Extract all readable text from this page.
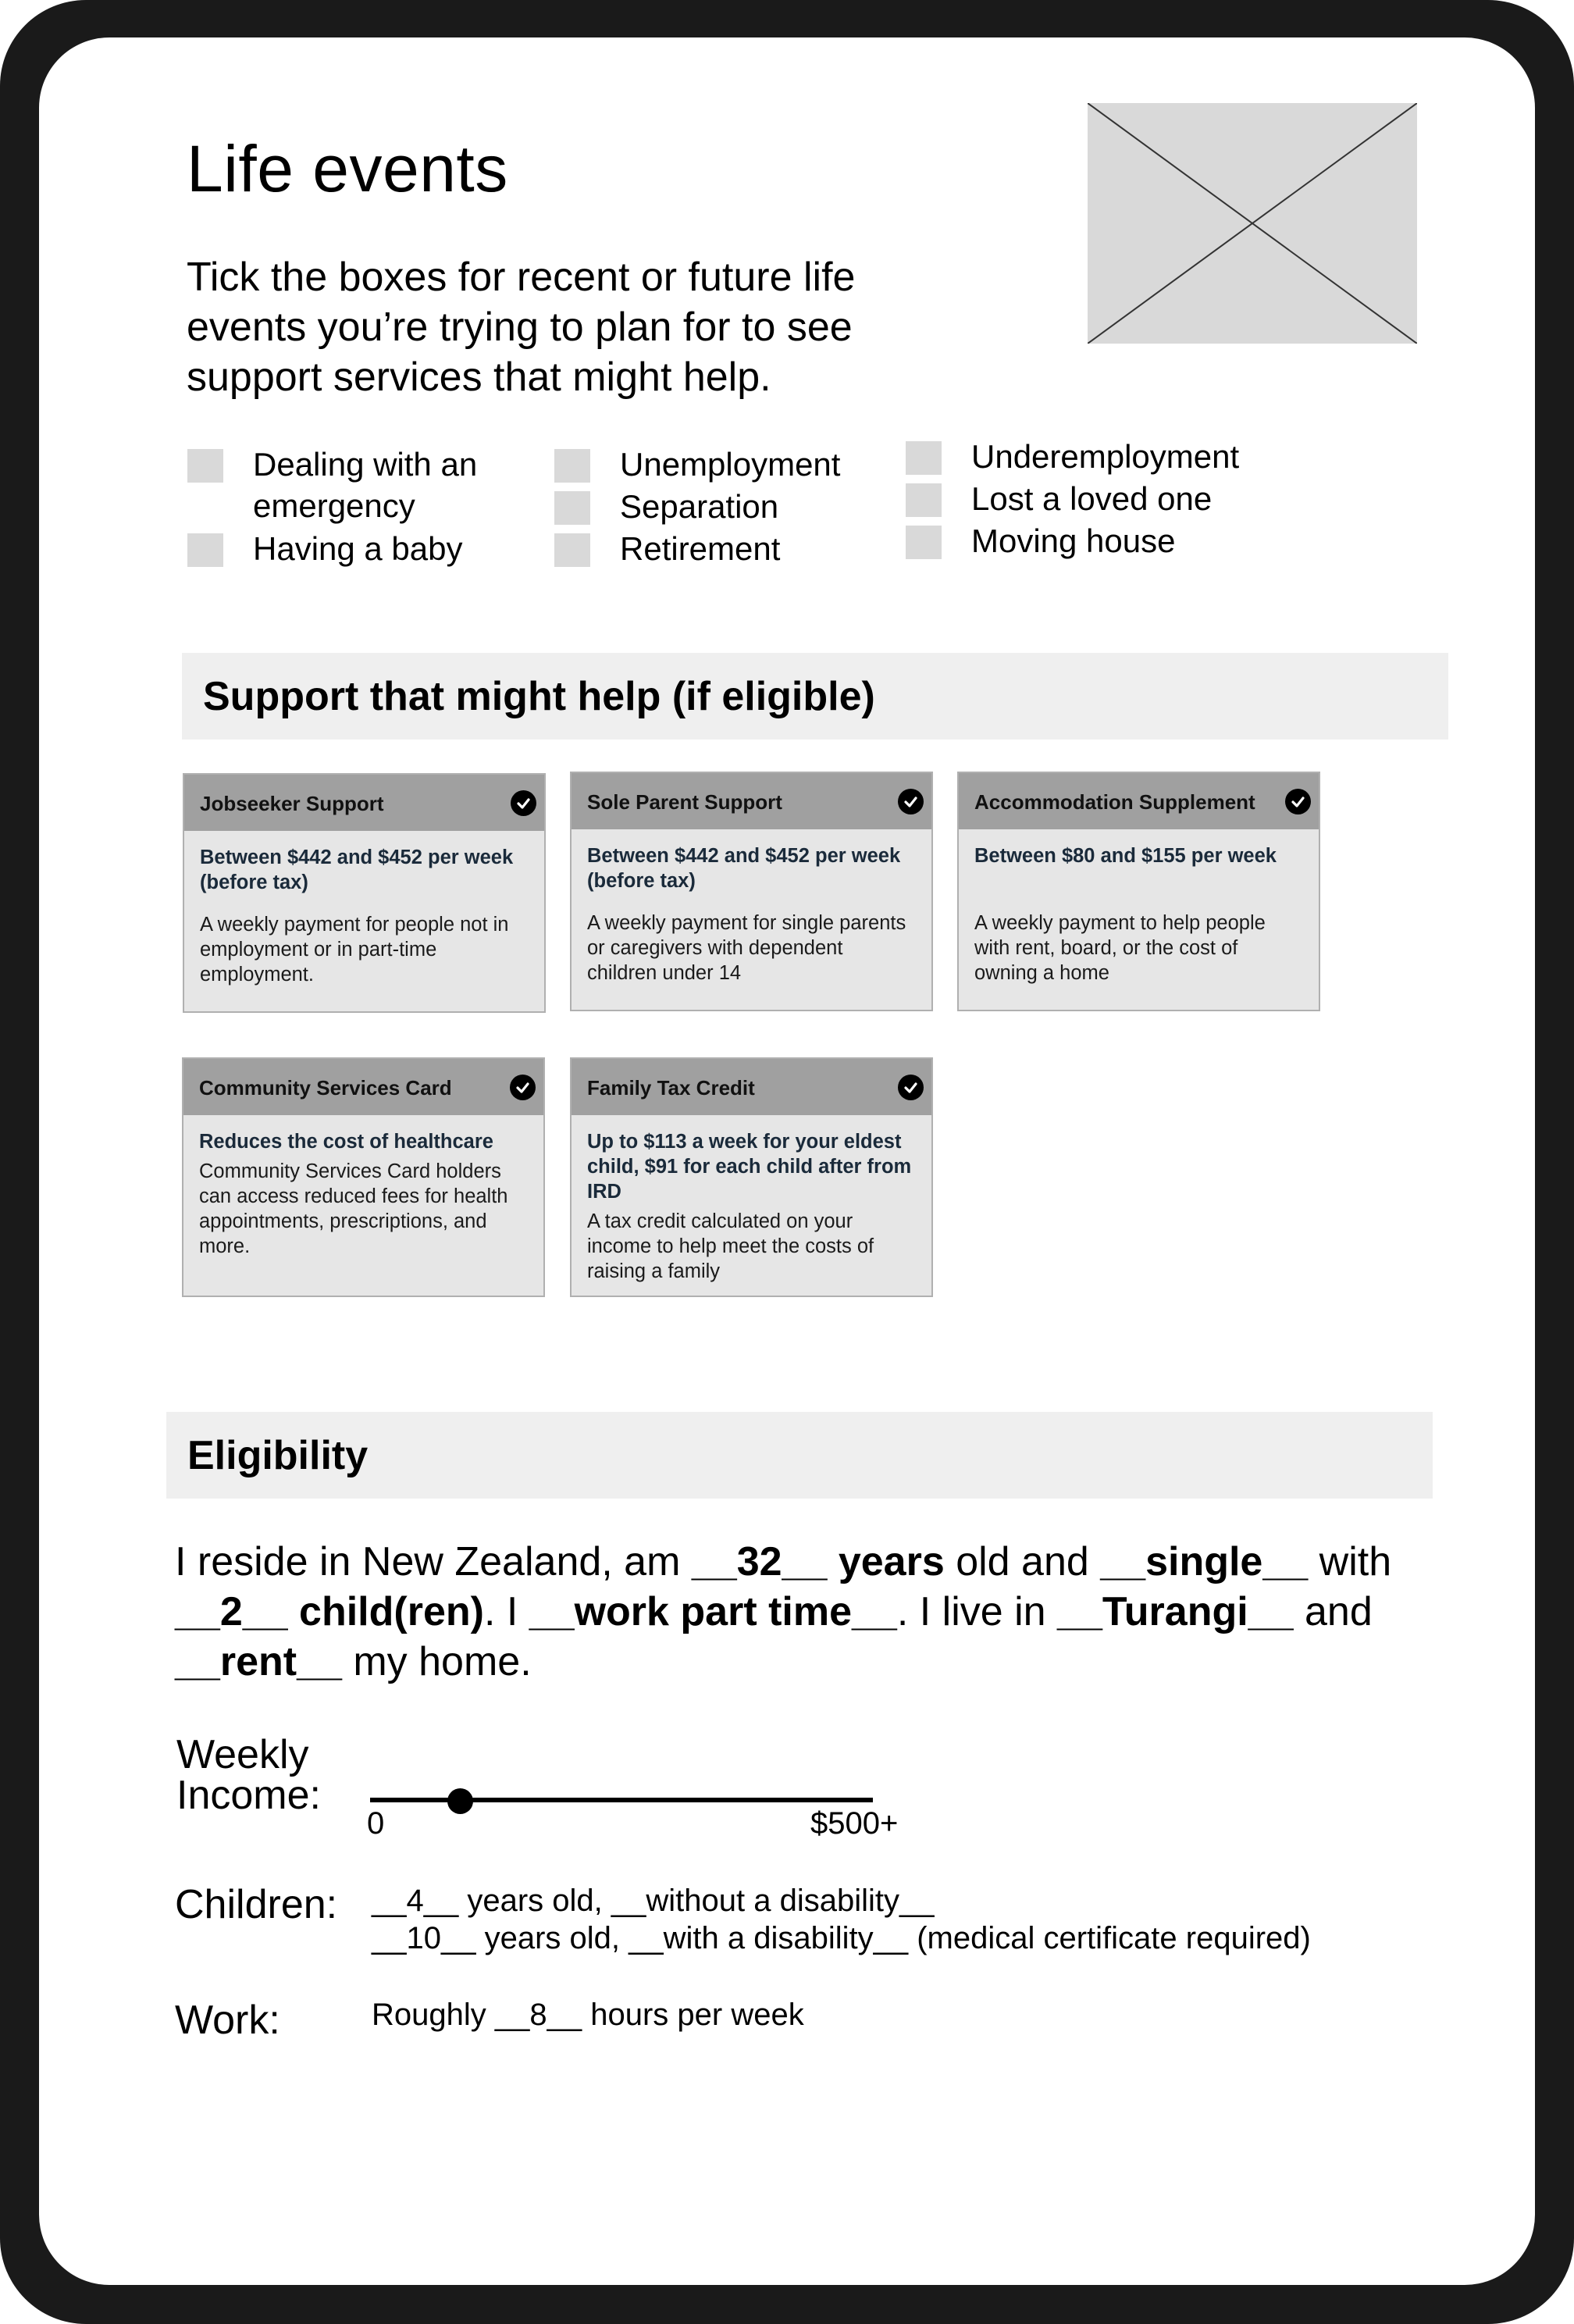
Life events
Tick the boxes for recent or future life events you’re trying to plan for to see support services that might help.
Dealing with an emergency
Having a baby
Unemployment
Separation
Retirement
Underemployment
Lost a loved one
Moving house
Support that might help (if eligible)
Jobseeker Support
Between $442 and $452 per week (before tax)
A weekly payment for people not in employment or in part-time employment.
Sole Parent Support
Between $442 and $452 per week (before tax)
A weekly payment for single parents or caregivers with dependent children under 14
Accommodation Supplement
Between $80 and $155 per week
A weekly payment to help people with rent, board, or the cost of owning a home
Community Services Card
Reduces the cost of healthcare
Community Services Card holders can access reduced fees for health appointments, prescriptions, and more.
Family Tax Credit
Up to $113 a week for your eldest child, $91 for each child after from IRD
A tax credit calculated on your income to help meet the costs of raising a family
Eligibility
I reside in New Zealand, am __32__ years old and __single__ with __2__ child(ren). I __work part time__. I live in __Turangi__ and __rent__ my home.
Weekly
Income:
0	$500+
Children: __4__ years old, __without a disability__
__10__ years old, __with a disability__ (medical certificate required)
Work:	Roughly __8__ hours per week
